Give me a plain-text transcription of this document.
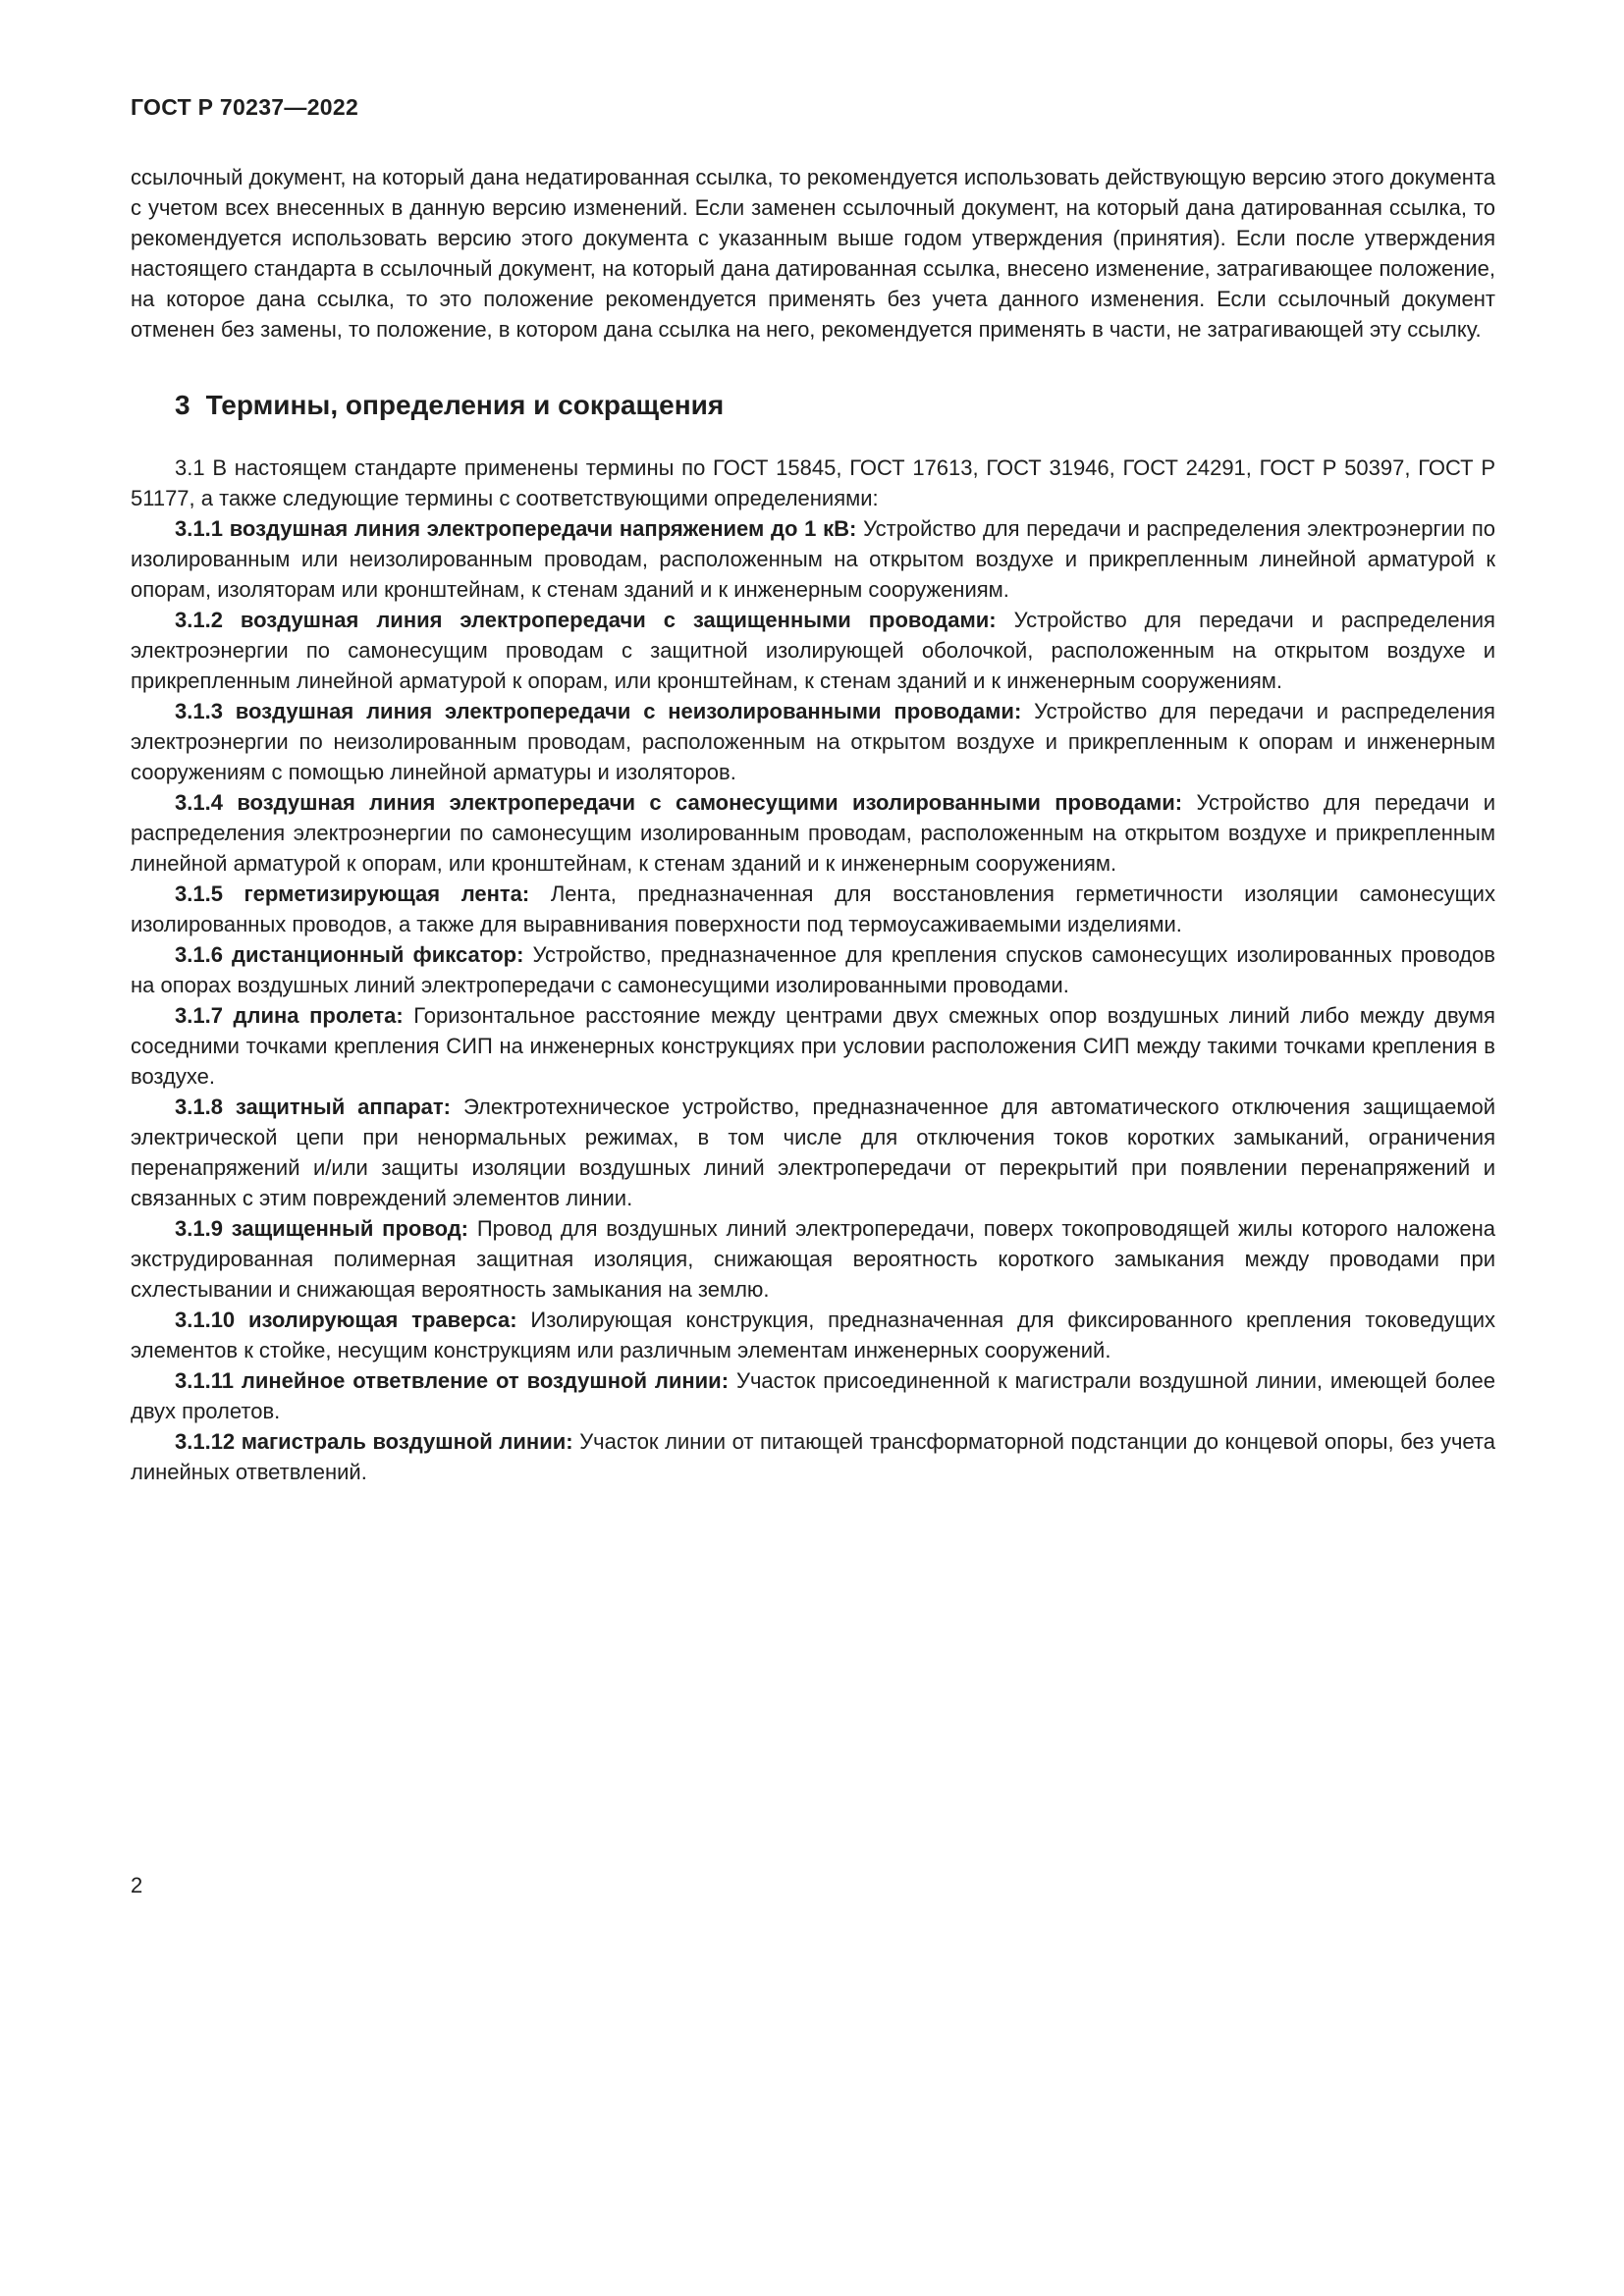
ГОСТ Р 70237—2022

ссылочный документ, на который дана недатированная ссылка, то рекомендуется использовать действующую версию этого документа с учетом всех внесенных в данную версию изменений. Если заменен ссылочный документ, на который дана датированная ссылка, то рекомендуется использовать версию этого документа с указанным выше годом утверждения (принятия). Если после утверждения настоящего стандарта в ссылочный документ, на который дана датированная ссылка, внесено изменение, затрагивающее положение, на которое дана ссылка, то это положение рекомендуется применять без учета данного изменения. Если ссылочный документ отменен без замены, то положение, в котором дана ссылка на него, рекомендуется применять в части, не затрагивающей эту ссылку.

3 Термины, определения и сокращения

3.1 В настоящем стандарте применены термины по ГОСТ 15845, ГОСТ 17613, ГОСТ 31946, ГОСТ 24291, ГОСТ Р 50397, ГОСТ Р 51177, а также следующие термины с соответствующими определениями:

3.1.1 воздушная линия электропередачи напряжением до 1 кВ: Устройство для передачи и распределения электроэнергии по изолированным или неизолированным проводам, расположенным на открытом воздухе и прикрепленным линейной арматурой к опорам, изоляторам или кронштейнам, к стенам зданий и к инженерным сооружениям.

3.1.2 воздушная линия электропередачи с защищенными проводами: Устройство для передачи и распределения электроэнергии по самонесущим проводам с защитной изолирующей оболочкой, расположенным на открытом воздухе и прикрепленным линейной арматурой к опорам, или кронштейнам, к стенам зданий и к инженерным сооружениям.

3.1.3 воздушная линия электропередачи с неизолированными проводами: Устройство для передачи и распределения электроэнергии по неизолированным проводам, расположенным на открытом воздухе и прикрепленным к опорам и инженерным сооружениям с помощью линейной арматуры и изоляторов.

3.1.4 воздушная линия электропередачи с самонесущими изолированными проводами: Устройство для передачи и распределения электроэнергии по самонесущим изолированным проводам, расположенным на открытом воздухе и прикрепленным линейной арматурой к опорам, или кронштейнам, к стенам зданий и к инженерным сооружениям.

3.1.5 герметизирующая лента: Лента, предназначенная для восстановления герметичности изоляции самонесущих изолированных проводов, а также для выравнивания поверхности под термоусаживаемыми изделиями.

3.1.6 дистанционный фиксатор: Устройство, предназначенное для крепления спусков самонесущих изолированных проводов на опорах воздушных линий электропередачи с самонесущими изолированными проводами.

3.1.7 длина пролета: Горизонтальное расстояние между центрами двух смежных опор воздушных линий либо между двумя соседними точками крепления СИП на инженерных конструкциях при условии расположения СИП между такими точками крепления в воздухе.

3.1.8 защитный аппарат: Электротехническое устройство, предназначенное для автоматического отключения защищаемой электрической цепи при ненормальных режимах, в том числе для отключения токов коротких замыканий, ограничения перенапряжений и/или защиты изоляции воздушных линий электропередачи от перекрытий при появлении перенапряжений и связанных с этим повреждений элементов линии.

3.1.9 защищенный провод: Провод для воздушных линий электропередачи, поверх токопроводящей жилы которого наложена экструдированная полимерная защитная изоляция, снижающая вероятность короткого замыкания между проводами при схлестывании и снижающая вероятность замыкания на землю.

3.1.10 изолирующая траверса: Изолирующая конструкция, предназначенная для фиксированного крепления токоведущих элементов к стойке, несущим конструкциям или различным элементам инженерных сооружений.

3.1.11 линейное ответвление от воздушной линии: Участок присоединенной к магистрали воздушной линии, имеющей более двух пролетов.

3.1.12 магистраль воздушной линии: Участок линии от питающей трансформаторной подстанции до концевой опоры, без учета линейных ответвлений.

2
